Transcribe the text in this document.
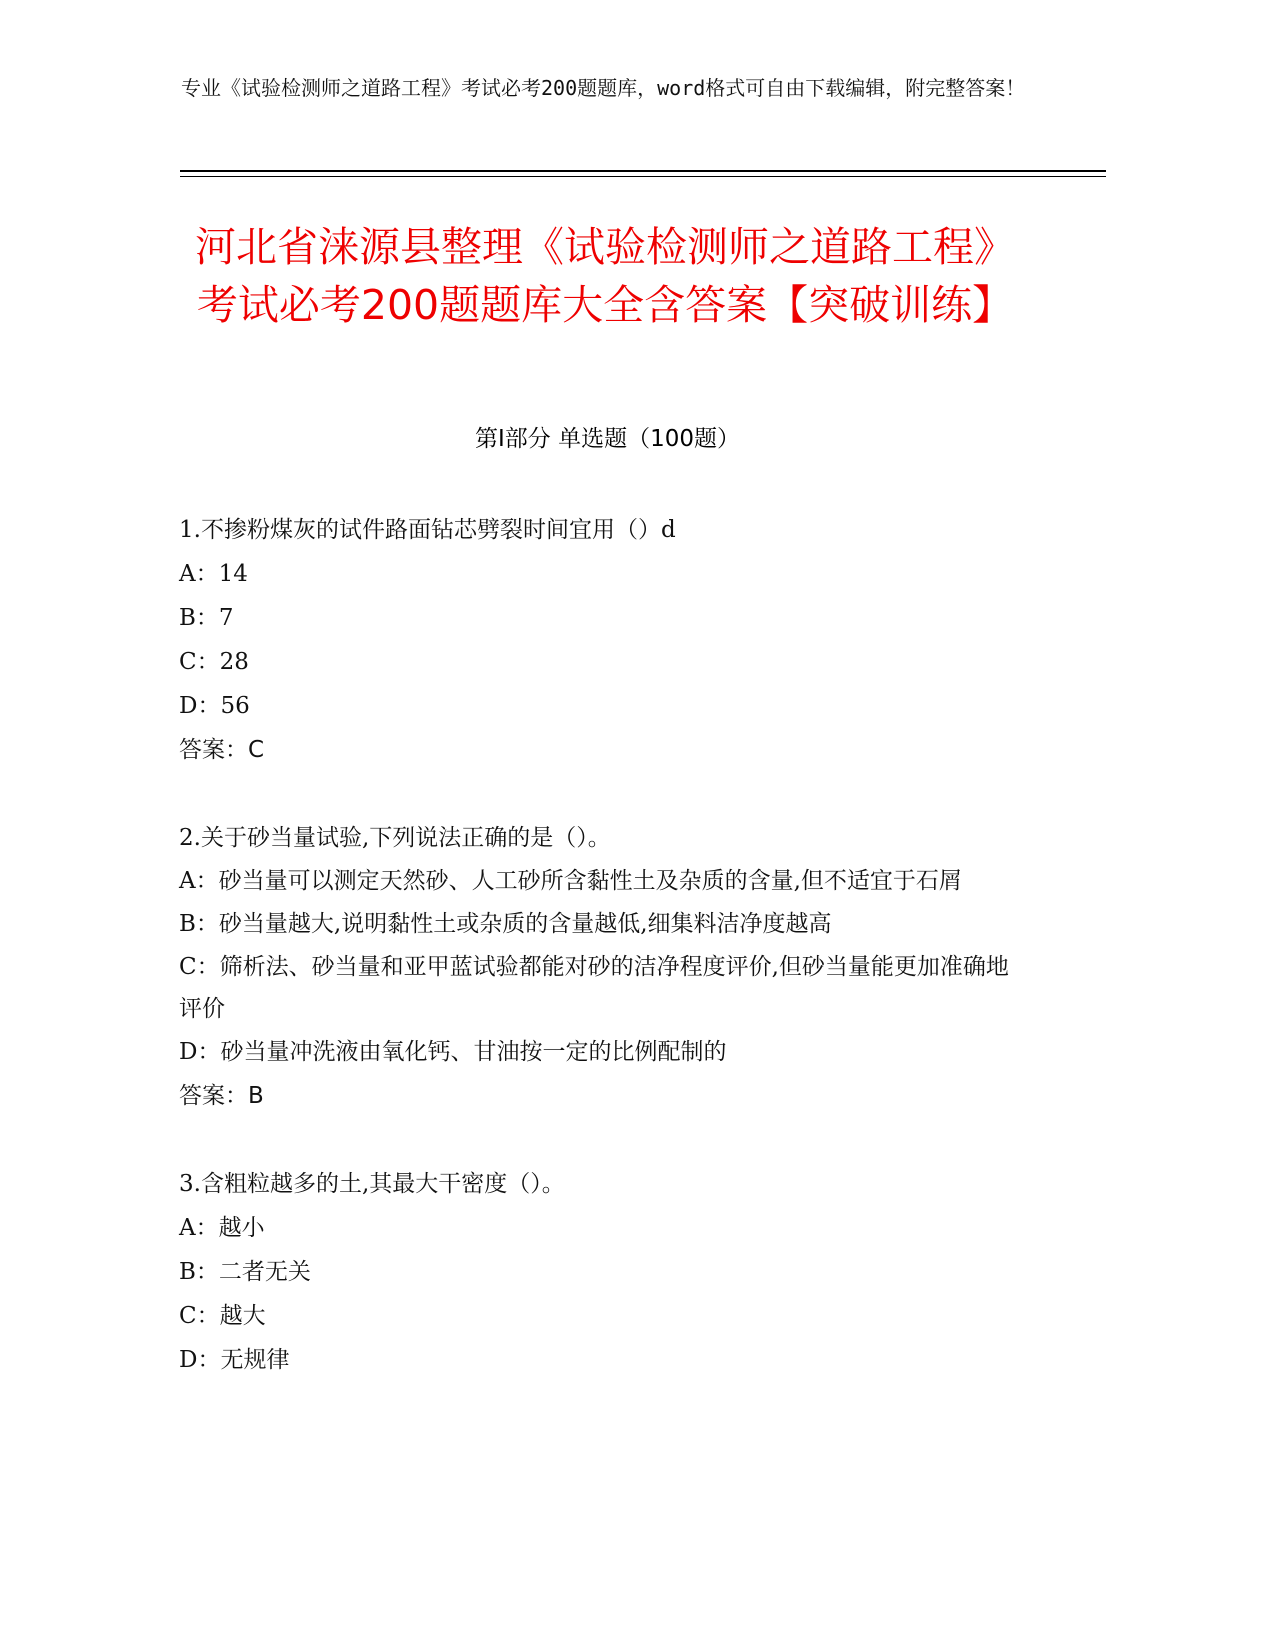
专业《试验检测师之道路工程》考试必考200题题库，word格式可自由下载编辑，附完整答案！
河北省涞源县整理《试验检测师之道路工程》考试必考200题题库大全含答案【突破训练】
第Ⅰ部分 单选题（100题）
1.不掺粉煤灰的试件路面钻芯劈裂时间宜用（）d
A：14
B：7
C：28
D：56
答案：C
2.关于砂当量试验,下列说法正确的是（）。
A：砂当量可以测定天然砂、人工砂所含黏性土及杂质的含量,但不适宜于石屑
B：砂当量越大,说明黏性土或杂质的含量越低,细集料洁净度越高
C：筛析法、砂当量和亚甲蓝试验都能对砂的洁净程度评价,但砂当量能更加准确地评价
D：砂当量冲洗液由氧化钙、甘油按一定的比例配制的
答案：B
3.含粗粒越多的土,其最大干密度（）。
A：越小
B：二者无关
C：越大
D：无规律
